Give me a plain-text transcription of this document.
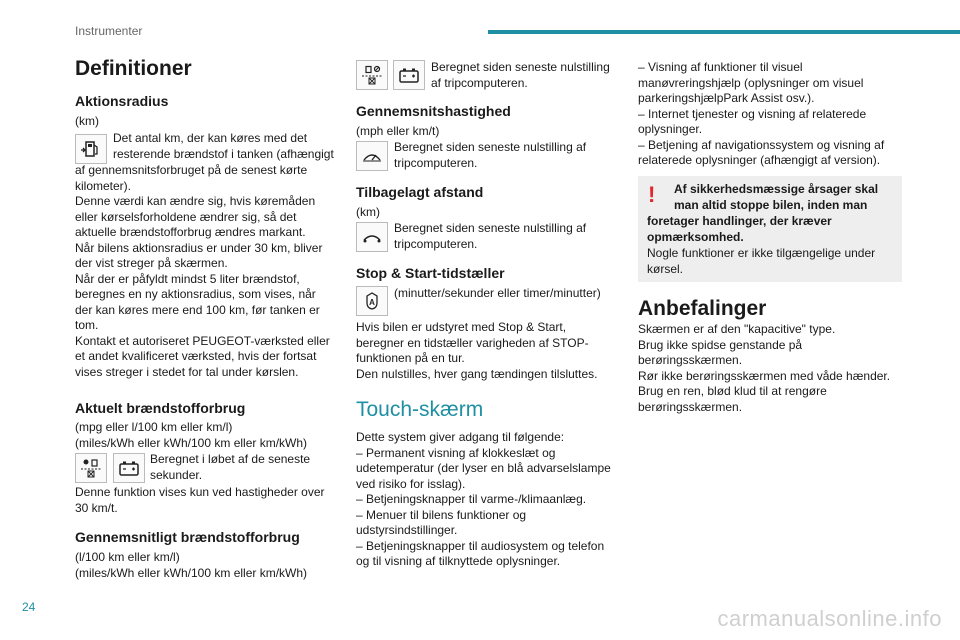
Instrumenter
Definitioner
Aktionsradius

(km)

Det antal km, der kan køres med det

resterende brændstof i tanken (afhængigt

af gennemsnitsforbruget på de senest kørte

kilometer).

Denne værdi kan ændre sig, hvis køremåden

eller kørselsforholdene ændrer sig, så det

aktuelle brændstofforbrug ændres markant.

Når bilens aktionsradius er under 30 km, bliver

der vist streger på skærmen.

Når der er påfyldt mindst 5 liter brændstof,

beregnes en ny aktionsradius, som vises, når

der kan køres mere end 100 km, før tanken er

tom.

Kontakt et autoriseret PEUGEOT-værksted eller

et andet kvalificeret værksted, hvis der fortsat

vises streger i stedet for tal under kørslen.

Aktuelt brændstofforbrug

(mpg eller l/100 km eller km/l)

(miles/kWh eller kWh/100 km eller km/kWh)

Beregnet i løbet af de seneste

sekunder.

Denne funktion vises kun ved hastigheder over

30 km/t.

Gennemsnitligt brændstofforbrug

(l/100 km eller km/l)

(miles/kWh eller kWh/100 km eller km/kWh)

Beregnet siden seneste nulstilling

af tripcomputeren.

Gennemsnitshastighed

(mph eller km/t)

Beregnet siden seneste nulstilling af

tripcomputeren.

Tilbagelagt afstand

(km)

Beregnet siden seneste nulstilling af

tripcomputeren.

Stop & Start-tidstæller
A

(minutter/sekunder eller timer/minutter)

Hvis bilen er udstyret med Stop & Start,

beregner en tidstæller varigheden af STOP-

funktionen på en tur.

Den nulstilles, hver gang tændingen tilsluttes.

Touch-skærm

Dette system giver adgang til følgende:

– Permanent visning af klokkeslæt og

udetemperatur (der lyser en blå advarselslampe

ved risiko for isslag).

– Betjeningsknapper til varme-/klimaanlæg.

– Menuer til bilens funktioner og

udstyrsindstillinger.

– Betjeningsknapper til audiosystem og telefon

og til visning af tilknyttede oplysninger.

– Visning af funktioner til visuel

manøvreringshjælp (oplysninger om visuel

parkeringshjælpPark Assist osv.).

– Internet tjenester og visning af relaterede

oplysninger.

– Betjening af navigationssystem og visning af

relaterede oplysninger (afhængigt af version).

! Af sikkerhedsmæssige årsager skal

man altid stoppe bilen, inden man

foretager handlinger, der kræver

opmærksomhed.

Nogle funktioner er ikke tilgængelige under

kørsel.

Anbefalinger

Skærmen er af den "kapacitive" type.

Brug ikke spidse genstande på

berøringsskærmen.

Rør ikke berøringsskærmen med våde hænder.

Brug en ren, blød klud til at rengøre

berøringsskærmen.

24	carmanualsonline.info
